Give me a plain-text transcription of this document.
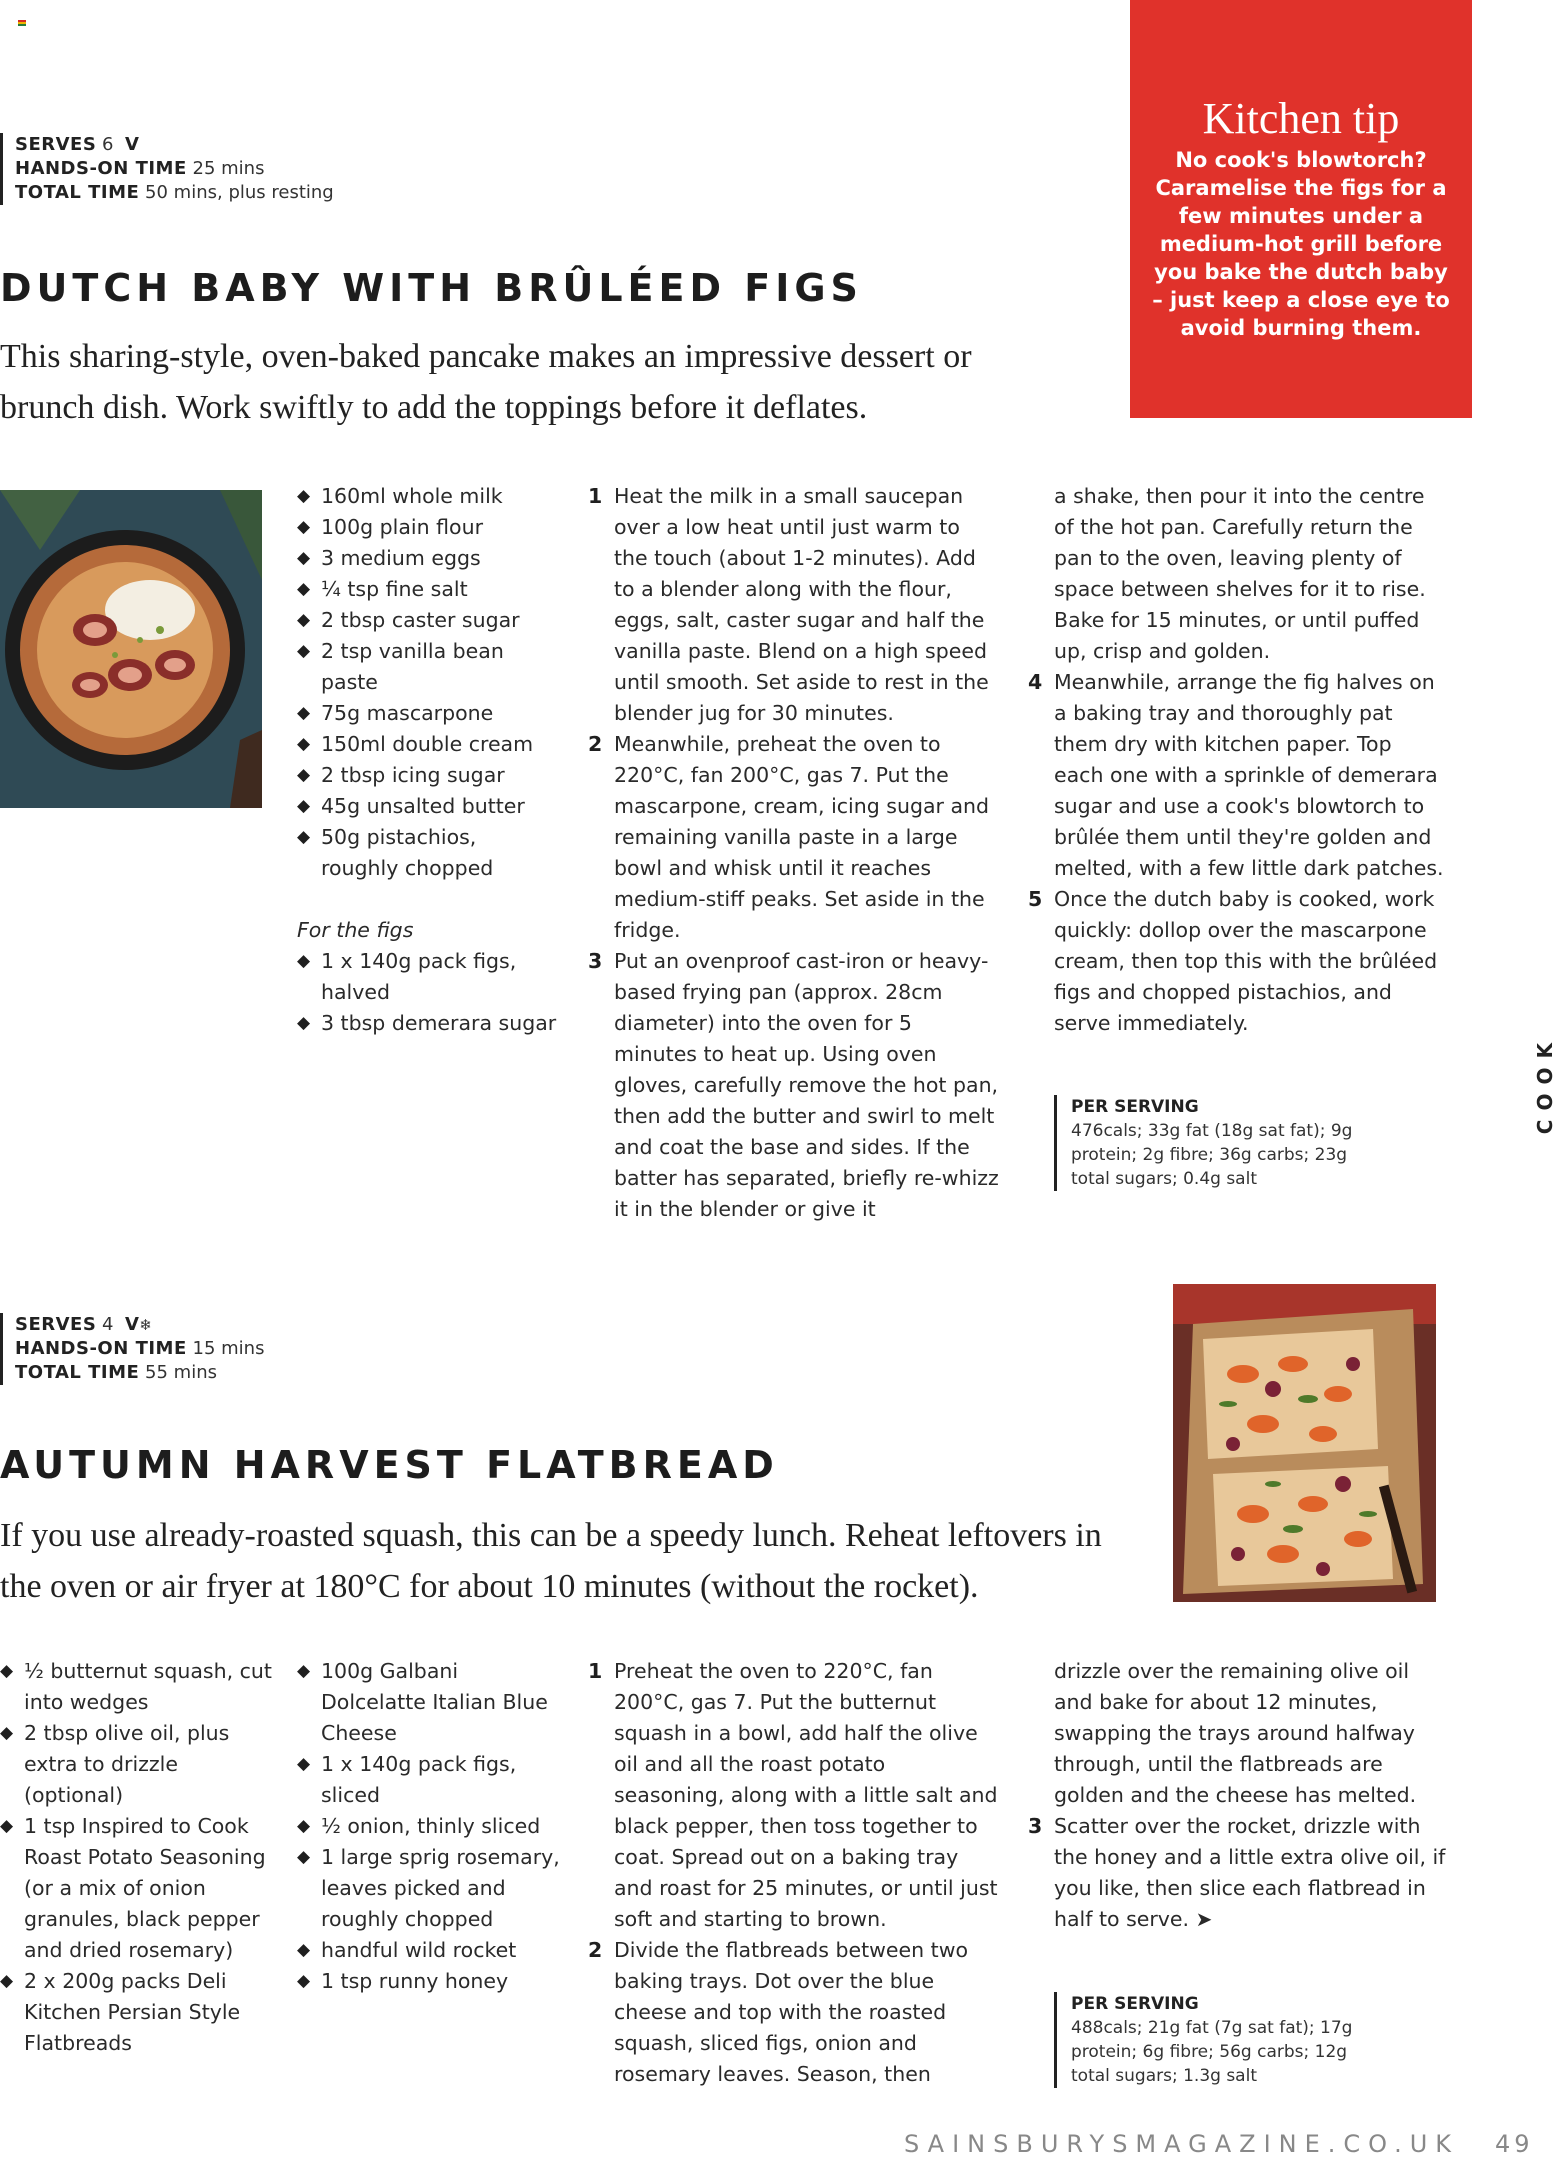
SERVES 6 V
HANDS-ON TIME 25 mins
TOTAL TIME 50 mins, plus resting
DUTCH BABY WITH BRÛLÉED FIGS
This sharing-style, oven-baked pancake makes an impressive dessert or brunch dish. Work swiftly to add the toppings before it deflates.
Kitchen tip
No cook's blowtorch? Caramelise the figs for a few minutes under a medium-hot grill before you bake the dutch baby – just keep a close eye to avoid burning them.
◆ 160ml whole milk
◆ 100g plain flour
◆ 3 medium eggs
◆ ¼ tsp fine salt
◆ 2 tbsp caster sugar
◆ 2 tsp vanilla bean paste
◆ 75g mascarpone
◆ 150ml double cream
◆ 2 tbsp icing sugar
◆ 45g unsalted butter
◆ 50g pistachios, roughly chopped
For the figs
◆ 1 x 140g pack figs, halved
◆ 3 tbsp demerara sugar
1 Heat the milk in a small saucepan over a low heat until just warm to the touch (about 1-2 minutes). Add to a blender along with the flour, eggs, salt, caster sugar and half the vanilla paste. Blend on a high speed until smooth. Set aside to rest in the blender jug for 30 minutes.
2 Meanwhile, preheat the oven to 220°C, fan 200°C, gas 7. Put the mascarpone, cream, icing sugar and remaining vanilla paste in a large bowl and whisk until it reaches medium-stiff peaks. Set aside in the fridge.
3 Put an ovenproof cast-iron or heavy-based frying pan (approx. 28cm diameter) into the oven for 5 minutes to heat up. Using oven gloves, carefully remove the hot pan, then add the butter and swirl to melt and coat the base and sides. If the batter has separated, briefly re-whizz it in the blender or give it
a shake, then pour it into the centre of the hot pan. Carefully return the pan to the oven, leaving plenty of space between shelves for it to rise. Bake for 15 minutes, or until puffed up, crisp and golden.
4 Meanwhile, arrange the fig halves on a baking tray and thoroughly pat them dry with kitchen paper. Top each one with a sprinkle of demerara sugar and use a cook's blowtorch to brûlée them until they're golden and melted, with a few little dark patches.
5 Once the dutch baby is cooked, work quickly: dollop over the mascarpone cream, then top this with the brûléed figs and chopped pistachios, and serve immediately.
PER SERVING
476cals; 33g fat (18g sat fat); 9g protein; 2g fibre; 36g carbs; 23g total sugars; 0.4g salt
COOK
SERVES 4 V❄
HANDS-ON TIME 15 mins
TOTAL TIME 55 mins
AUTUMN HARVEST FLATBREAD
If you use already-roasted squash, this can be a speedy lunch. Reheat leftovers in the oven or air fryer at 180°C for about 10 minutes (without the rocket).
◆ ½ butternut squash, cut into wedges
◆ 2 tbsp olive oil, plus extra to drizzle (optional)
◆ 1 tsp Inspired to Cook Roast Potato Seasoning (or a mix of onion granules, black pepper and dried rosemary)
◆ 2 x 200g packs Deli Kitchen Persian Style Flatbreads
◆ 100g Galbani Dolcelatte Italian Blue Cheese
◆ 1 x 140g pack figs, sliced
◆ ½ onion, thinly sliced
◆ 1 large sprig rosemary, leaves picked and roughly chopped
◆ handful wild rocket
◆ 1 tsp runny honey
1 Preheat the oven to 220°C, fan 200°C, gas 7. Put the butternut squash in a bowl, add half the olive oil and all the roast potato seasoning, along with a little salt and black pepper, then toss together to coat. Spread out on a baking tray and roast for 25 minutes, or until just soft and starting to brown.
2 Divide the flatbreads between two baking trays. Dot over the blue cheese and top with the roasted squash, sliced figs, onion and rosemary leaves. Season, then
drizzle over the remaining olive oil and bake for about 12 minutes, swapping the trays around halfway through, until the flatbreads are golden and the cheese has melted.
3 Scatter over the rocket, drizzle with the honey and a little extra olive oil, if you like, then slice each flatbread in half to serve. ➤
PER SERVING
488cals; 21g fat (7g sat fat); 17g protein; 6g fibre; 56g carbs; 12g total sugars; 1.3g salt
SAINSBURYSMAGAZINE.CO.UK 49
